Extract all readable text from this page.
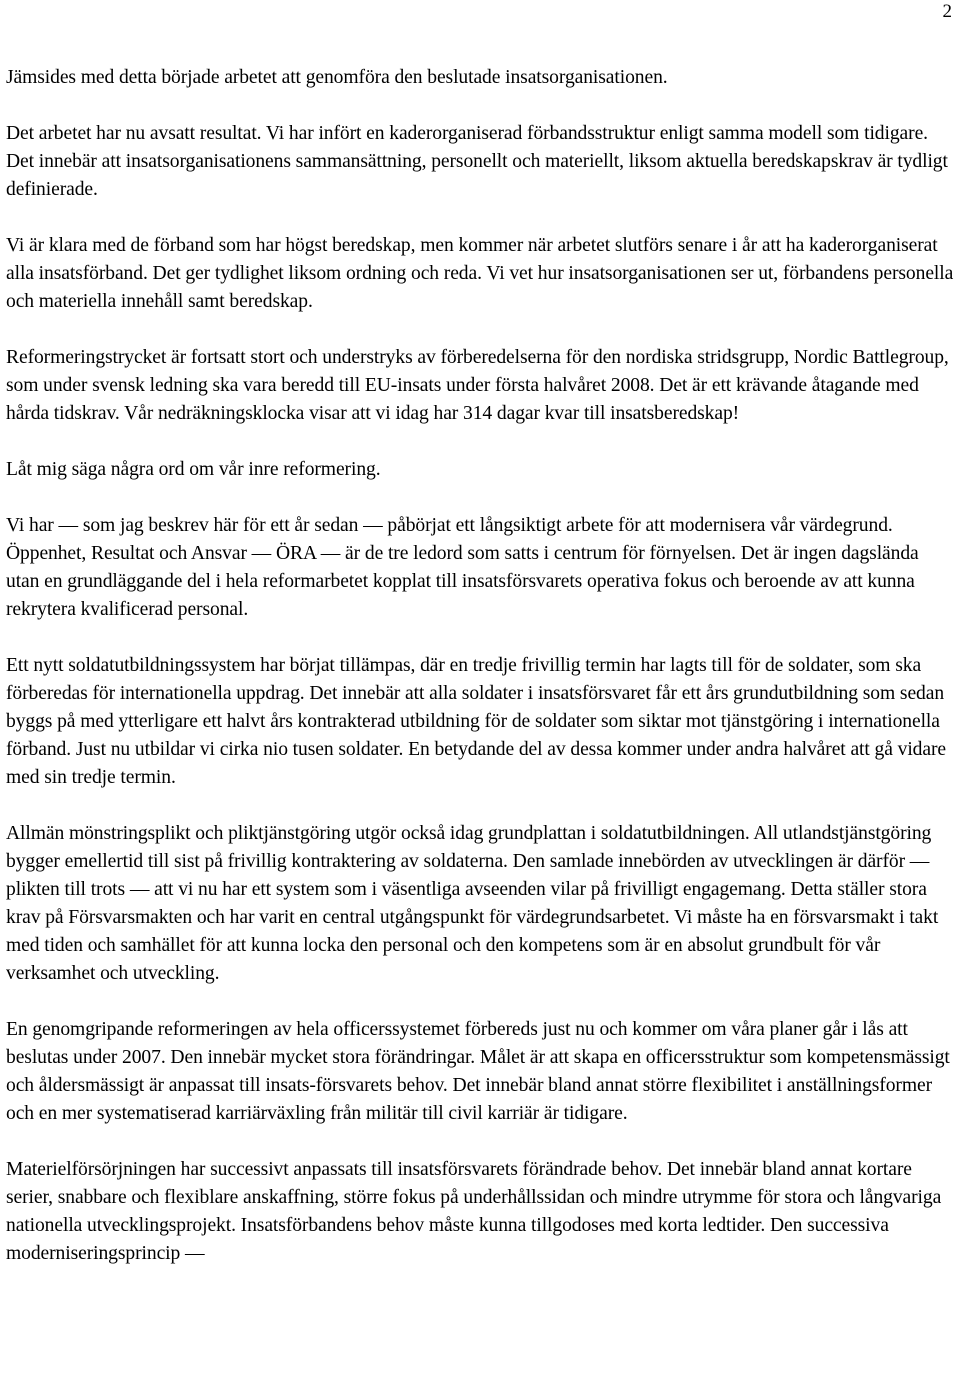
2

Jämsides med detta började arbetet att genomföra den beslutade insatsorganisationen.

Det arbetet har nu avsatt resultat. Vi har infört en kaderorganiserad förbandsstruktur enligt samma modell som tidigare. Det innebär att insatsorganisationens sammansättning, personellt och materiellt, liksom aktuella beredskapskrav är tydligt definierade.

Vi är klara med de förband som har högst beredskap, men kommer när arbetet slutförs senare i år att ha kaderorganiserat alla insatsförband. Det ger tydlighet liksom ordning och reda. Vi vet hur insatsorganisationen ser ut, förbandens personella och materiella innehåll samt beredskap.

Reformeringstrycket är fortsatt stort och understryks av förberedelserna för den nordiska stridsgrupp, Nordic Battlegroup, som under svensk ledning ska vara beredd till EU-insats under första halvåret 2008. Det är ett krävande åtagande med hårda tidskrav. Vår nedräkningsklocka visar att vi idag har 314 dagar kvar till insatsberedskap!

Låt mig säga några ord om vår inre reformering.

Vi har — som jag beskrev här för ett år sedan — påbörjat ett långsiktigt arbete för att modernisera vår värdegrund. Öppenhet, Resultat och Ansvar — ÖRA — är de tre ledord som satts i centrum för förnyelsen. Det är ingen dagslända utan en grundläggande del i hela reformarbetet kopplat till insatsförsvarets operativa fokus och beroende av att kunna rekrytera kvalificerad personal.

Ett nytt soldatutbildningssystem har börjat tillämpas, där en tredje frivillig termin har lagts till för de soldater, som ska förberedas för internationella uppdrag. Det innebär att alla soldater i insatsförsvaret får ett års grundutbildning som sedan byggs på med ytterligare ett halvt års kontrakterad utbildning för de soldater som siktar mot tjänstgöring i internationella förband. Just nu utbildar vi cirka nio tusen soldater. En betydande del av dessa kommer under andra halvåret att gå vidare med sin tredje termin.

Allmän mönstringsplikt och pliktjänstgöring utgör också idag grundplattan i soldatutbildningen. All utlandstjänstgöring bygger emellertid till sist på frivillig kontraktering av soldaterna. Den samlade innebörden av utvecklingen är därför — plikten till trots — att vi nu har ett system som i väsentliga avseenden vilar på frivilligt engagemang. Detta ställer stora krav på Försvarsmakten och har varit en central utgångspunkt för värdegrundsarbetet. Vi måste ha en försvarsmakt i takt med tiden och samhället för att kunna locka den personal och den kompetens som är en absolut grundbult för vår verksamhet och utveckling.

En genomgripande reformeringen av hela officerssystemet förbereds just nu och kommer om våra planer går i lås att beslutas under 2007. Den innebär mycket stora förändringar. Målet är att skapa en officersstruktur som kompetensmässigt och åldersmässigt är anpassat till insats-försvarets behov. Det innebär bland annat större flexibilitet i anställningsformer och en mer systematiserad karriärväxling från militär till civil karriär är tidigare.

Materielförsörjningen har successivt anpassats till insatsförsvarets förändrade behov. Det innebär bland annat kortare serier, snabbare och flexiblare anskaffning, större fokus på underhållssidan och mindre utrymme för stora och långvariga nationella utvecklingsprojekt. Insatsförbandens behov måste kunna tillgodoses med korta ledtider. Den successiva moderniseringsprincip —
